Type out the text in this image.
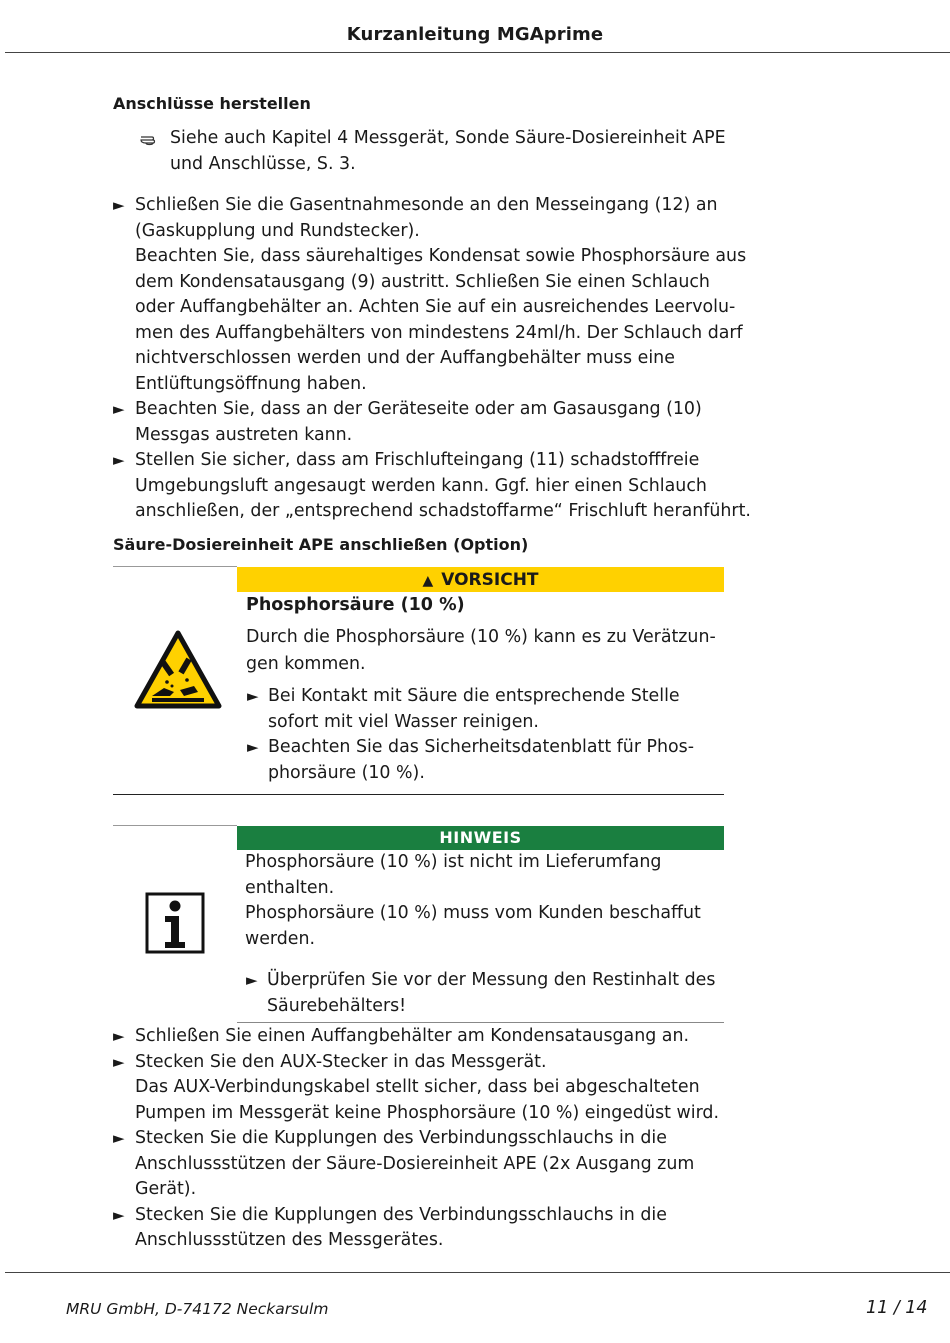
Kurzanleitung MGAprime
Anschlüsse herstellen
Siehe auch Kapitel 4 Messgerät, Sonde Säure-Dosiereinheit APE
und Anschlüsse, S. 3.
► Schließen Sie die Gasentnahmesonde an den Messeingang (12) an
(Gaskupplung und Rundstecker).
Beachten Sie, dass säurehaltiges Kondensat sowie Phosphorsäure aus
dem Kondensatausgang (9) austritt. Schließen Sie einen Schlauch
oder Auffangbehälter an. Achten Sie auf ein ausreichendes Leervolu-
men des Auffangbehälters von mindestens 24ml/h. Der Schlauch darf
nichtverschlossen werden und der Auffangbehälter muss eine
Entlüftungsöffnung haben.
► Beachten Sie, dass an der Geräteseite oder am Gasausgang (10)
Messgas austreten kann.
► Stellen Sie sicher, dass am Frischlufteingang (11) schadstofffreie
Umgebungsluft angesaugt werden kann. Ggf. hier einen Schlauch
anschließen, der „entsprechend schadstoffarme“ Frischluft heranführt.
Säure-Dosiereinheit APE anschließen (Option)
▲ VORSICHT
Phosphorsäure (10 %)
Durch die Phosphorsäure (10 %) kann es zu Verätzun-
gen kommen.
► Bei Kontakt mit Säure die entsprechende Stelle
sofort mit viel Wasser reinigen.
► Beachten Sie das Sicherheitsdatenblatt für Phos-
phorsäure (10 %).
HINWEIS
Phosphorsäure (10 %) ist nicht im Lieferumfang
enthalten.
Phosphorsäure (10 %) muss vom Kunden beschaffut
werden.
► Überprüfen Sie vor der Messung den Restinhalt des
Säurebehälters!
► Schließen Sie einen Auffangbehälter am Kondensatausgang an.
► Stecken Sie den AUX-Stecker in das Messgerät.
Das AUX-Verbindungskabel stellt sicher, dass bei abgeschalteten
Pumpen im Messgerät keine Phosphorsäure (10 %) eingedüst wird.
► Stecken Sie die Kupplungen des Verbindungsschlauchs in die
Anschlussstützen der Säure-Dosiereinheit APE (2x Ausgang zum
Gerät).
► Stecken Sie die Kupplungen des Verbindungsschlauchs in die
Anschlussstützen des Messgerätes.
MRU GmbH, D-74172 Neckarsulm	11 / 14
